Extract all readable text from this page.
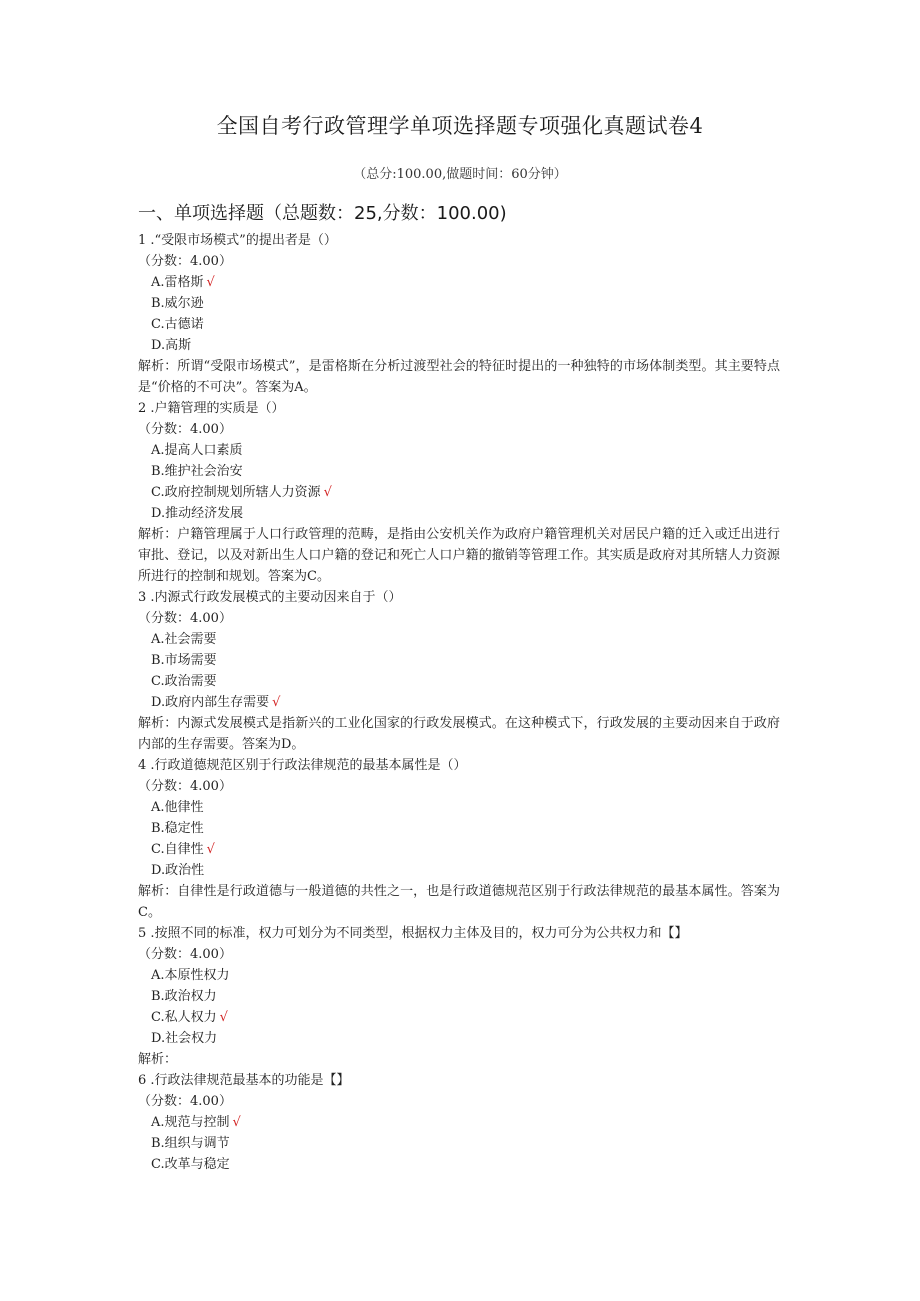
全国自考行政管理学单项选择题专项强化真题试卷4
（总分:100.00,做题时间：60分钟）
一、单项选择题（总题数：25,分数：100.00)
1 .“受限市场模式”的提出者是（）
（分数：4.00）
A.雷格斯 √
B.威尔逊
C.古德诺
D.高斯
解析：所谓“受限市场模式”，是雷格斯在分析过渡型社会的特征时提出的一种独特的市场体制类型。其主要特点是“价格的不可决”。答案为A。
2 .户籍管理的实质是（）
（分数：4.00）
A.提高人口素质
B.维护社会治安
C.政府控制规划所辖人力资源 √
D.推动经济发展
解析：户籍管理属于人口行政管理的范畴，是指由公安机关作为政府户籍管理机关对居民户籍的迁入或迁出进行审批、登记，以及对新出生人口户籍的登记和死亡人口户籍的撤销等管理工作。其实质是政府对其所辖人力资源所进行的控制和规划。答案为C。
3 .内源式行政发展模式的主要动因来自于（）
（分数：4.00）
A.社会需要
B.市场需要
C.政治需要
D.政府内部生存需要 √
解析：内源式发展模式是指新兴的工业化国家的行政发展模式。在这种模式下，行政发展的主要动因来自于政府内部的生存需要。答案为D。
4 .行政道德规范区别于行政法律规范的最基本属性是（）
（分数：4.00）
A.他律性
B.稳定性
C.自律性 √
D.政治性
解析：自律性是行政道德与一般道德的共性之一，也是行政道德规范区别于行政法律规范的最基本属性。答案为C。
5 .按照不同的标准，权力可划分为不同类型，根据权力主体及目的，权力可分为公共权力和【】
（分数：4.00）
A.本原性权力
B.政治权力
C.私人权力 √
D.社会权力
解析：
6 .行政法律规范最基本的功能是【】
（分数：4.00）
A.规范与控制 √
B.组织与调节
C.改革与稳定
